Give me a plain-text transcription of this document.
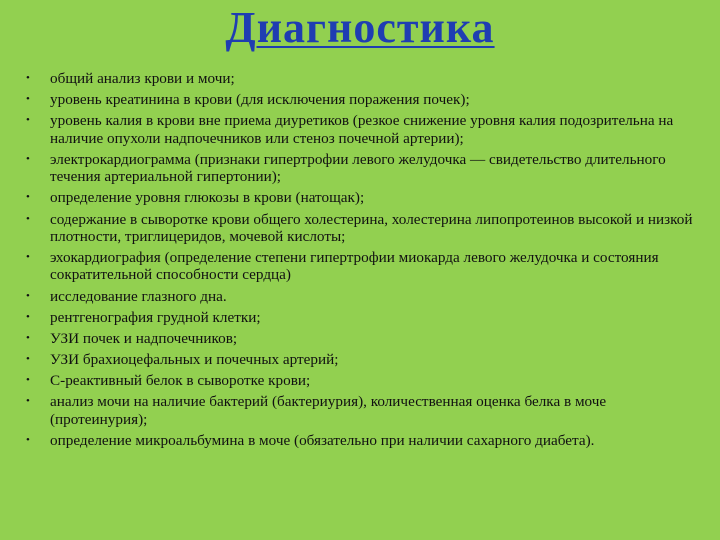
Диагностика
•	общий анализ крови и мочи;
•	уровень креатинина в крови (для исключения поражения почек);
•	уровень калия в крови вне приема диуретиков (резкое снижение уровня калия подозрительна на наличие опухоли надпочечников или стеноз почечной артерии);
•	электрокардиограмма (признаки гипертрофии левого желудочка — свидетельство длительного течения артериальной гипертонии);
•	определение уровня глюкозы в крови (натощак);
•	содержание в сыворотке крови общего холестерина, холестерина липопротеинов высокой и низкой плотности, триглицеридов, мочевой кислоты;
•	эхокардиография (определение степени гипертрофии миокарда левого желудочка и состояния сократительной способности сердца)
•	исследование глазного дна.
•	рентгенография грудной клетки;
•	УЗИ почек и надпочечников;
•	УЗИ брахиоцефальных и почечных артерий;
•	С-реактивный белок в сыворотке крови;
•	анализ мочи на наличие бактерий (бактериурия), количественная оценка белка в моче (протеинурия);
•	определение микроальбумина в моче (обязательно при наличии сахарного диабета).
